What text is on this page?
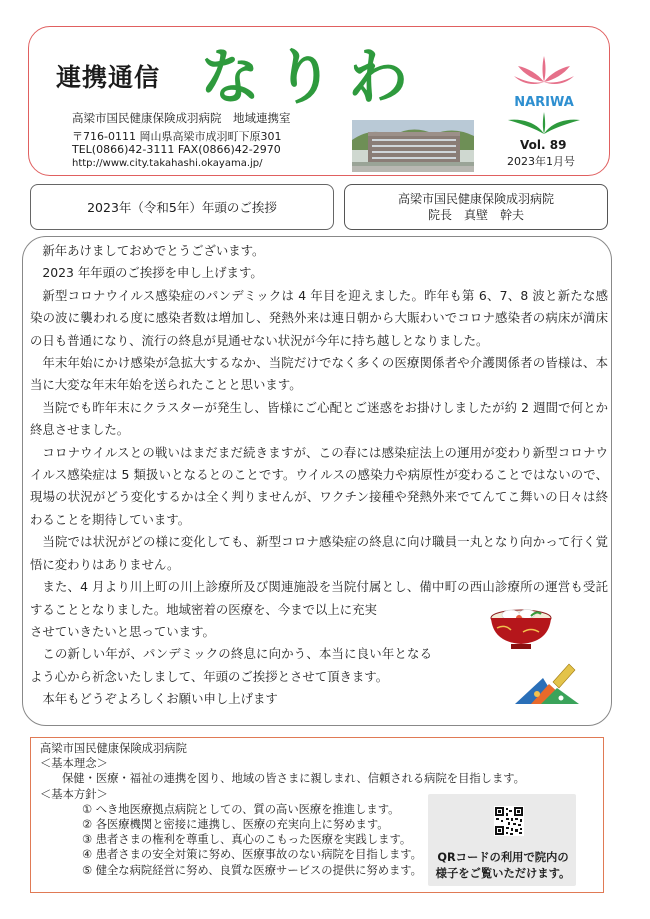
連携通信 なりわ
高梁市国民健康保険成羽病院　地域連携室
〒716-0111 岡山県高梁市成羽町下原301
TEL(0866)42-3111 FAX(0866)42-2970
http://www.city.takahashi.okayama.jp/
NARIWA
Vol. 89
2023年1月号
2023年（令和5年）年頭のご挨拶
高梁市国民健康保険成羽病院
院長　真壁　幹夫

新年あけましておめでとうございます。

2023 年年頭のご挨拶を申し上げます。

新型コロナウイルス感染症のパンデミックは 4 年目を迎えました。昨年も第 6、7、8 波と新たな感染の波に襲われる度に感染者数は増加し、発熱外来は連日朝から大賑わいでコロナ感染者の病床が満床の日も普通になり、流行の終息が見通せない状況が今年に持ち越しとなりました。

年末年始にかけ感染が急拡大するなか、当院だけでなく多くの医療関係者や介護関係者の皆様は、本当に大変な年末年始を送られたことと思います。

当院でも昨年末にクラスターが発生し、皆様にご心配とご迷惑をお掛けしましたが約 2 週間で何とか終息させました。

コロナウイルスとの戦いはまだまだ続きますが、この春には感染症法上の運用が変わり新型コロナウイルス感染症は 5 類扱いとなるとのことです。ウイルスの感染力や病原性が変わることではないので、現場の状況がどう変化するかは全く判りませんが、ワクチン接種や発熱外来でてんてこ舞いの日々は終わることを期待しています。

当院では状況がどの様に変化しても、新型コロナ感染症の終息に向け職員一丸となり向かって行く覚悟に変わりはありません。

また、4 月より川上町の川上診療所及び関連施設を当院付属とし、備中町の西山診療所の運営も受託することとなりました。地域密着の医療を、今まで以上に充実

させていきたいと思っています。

この新しい年が、パンデミックの終息に向かう、本当に良い年となるよう心から祈念いたしまして、年頭のご挨拶とさせて頂きます。

本年もどうぞよろしくお願い申し上げます

高梁市国民健康保険成羽病院
＜基本理念＞
保健・医療・福祉の連携を図り、地域の皆さまに親しまれ、信頼される病院を目指します。
＜基本方針＞
① へき地医療拠点病院としての、質の高い医療を推進します。
② 各医療機関と密接に連携し、医療の充実向上に努めます。
③ 患者さまの権利を尊重し、真心のこもった医療を実践します。
④ 患者さまの安全対策に努め、医療事故のない病院を目指します。
⑤ 健全な病院経営に努め、良質な医療サービスの提供に努めます。
QRコードの利用で院内の様子をご覧いただけます。
